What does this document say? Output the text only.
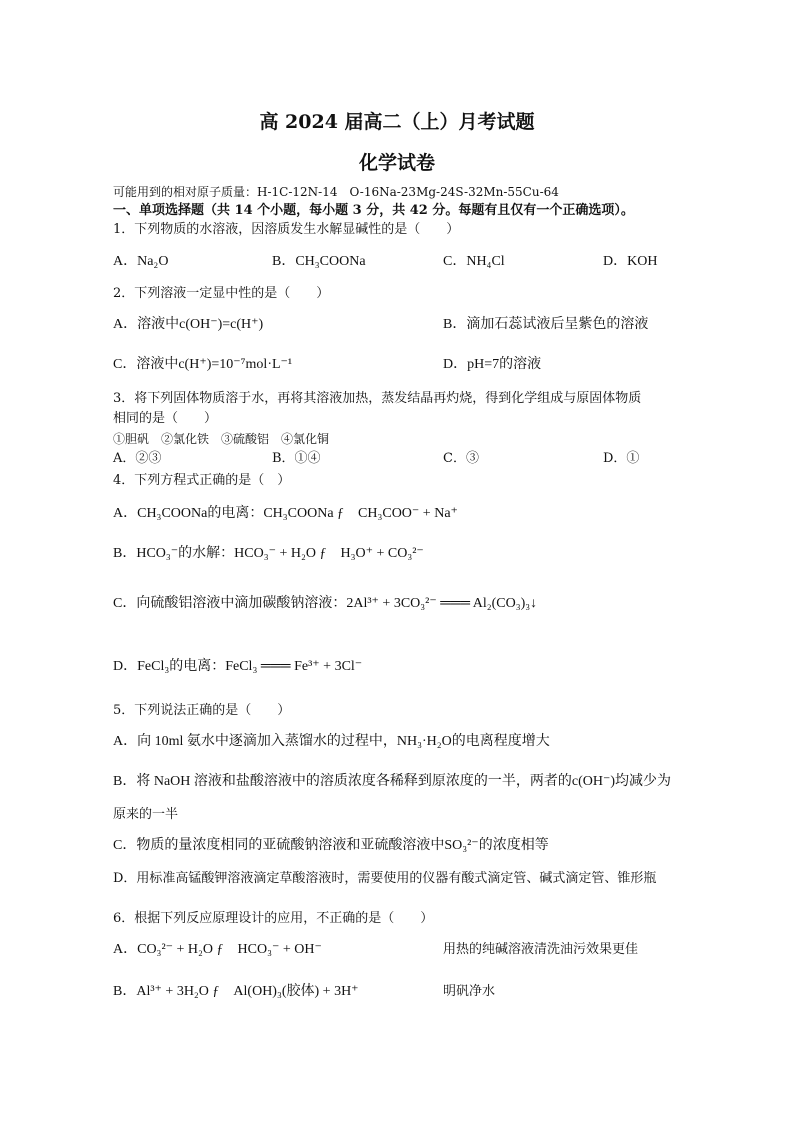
高 2024 届高二（上）月考试题
化学试卷
可能用到的相对原子质量：H-1C-12N-14　O-16Na-23Mg-24S-32Mn-55Cu-64
一、单项选择题（共 14 个小题，每小题 3 分，共 42 分。每题有且仅有一个正确选项）。
1．下列物质的水溶液，因溶质发生水解显碱性的是（　　）
A．Na₂O	B．CH₃COONa	C．NH₄Cl	D．KOH
2．下列溶液一定显中性的是（　　）
A．溶液中c(OH⁻)=c(H⁺)	B．滴加石蕊试液后呈紫色的溶液
C．溶液中c(H⁺)=10⁻⁷mol·L⁻¹	D．pH=7的溶液
3．将下列固体物质溶于水，再将其溶液加热，蒸发结晶再灼烧，得到化学组成与原固体物质
相同的是（　　）
①胆矾　②氯化铁　③硫酸铝　④氯化铜
A．②③	B．①④	C．③	D．①
4．下列方程式正确的是（　）
A．CH₃COONa的电离：CH₃COONa ƒ　CH₃COO⁻ + Na⁺
B．HCO₃⁻的水解：HCO₃⁻ + H₂O ƒ　H₃O⁺ + CO₃²⁻
C．向硫酸铝溶液中滴加碳酸钠溶液：2Al³⁺ + 3CO₃²⁻ ═══ Al₂(CO₃)₃↓
D．FeCl₃的电离：FeCl₃ ═══ Fe³⁺ + 3Cl⁻
5．下列说法正确的是（　　）
A．向 10ml 氨水中逐滴加入蒸馏水的过程中，NH₃·H₂O的电离程度增大
B．将 NaOH 溶液和盐酸溶液中的溶质浓度各稀释到原浓度的一半，两者的c(OH⁻)均减少为
原来的一半
C．物质的量浓度相同的亚硫酸钠溶液和亚硫酸溶液中SO₃²⁻的浓度相等
D．用标准高锰酸钾溶液滴定草酸溶液时，需要使用的仪器有酸式滴定管、碱式滴定管、锥形瓶
6．根据下列反应原理设计的应用，不正确的是（　　）
A．CO₃²⁻ + H₂O ƒ　HCO₃⁻ + OH⁻	用热的纯碱溶液清洗油污效果更佳
B．Al³⁺ + 3H₂O ƒ　Al(OH)₃(胶体) + 3H⁺	明矾净水
